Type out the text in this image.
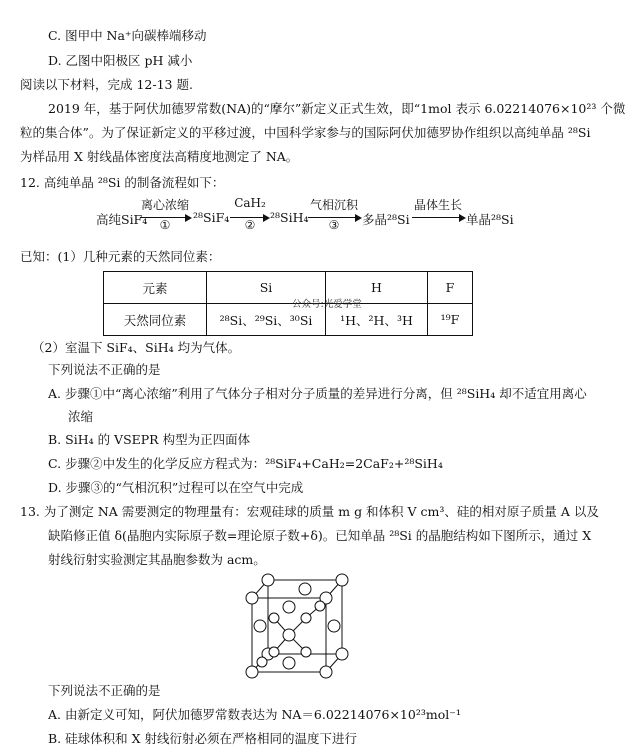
C. 图甲中 Na⁺向碳棒端移动
D. 乙图中阳极区 pH 减小
阅读以下材料，完成 12-13 题.
2019 年，基于阿伏加德罗常数(NA)的“摩尔”新定义正式生效，即“1mol 表示 6.02214076×10²³ 个微
粒的集合体”。为了保证新定义的平移过渡，中国科学家参与的国际阿伏加德罗协作组织以高纯单晶 ²⁸Si
为样品用 X 射线晶体密度法高精度地测定了 NA。
12. 高纯单晶 ²⁸Si 的制备流程如下：
高纯SiF₄
离心浓缩
①	²⁸SiF₄
CaH₂
②	²⁸SiH₄
气相沉积
③	多晶²⁸Si
晶体生长
单晶²⁸Si
已知：(1）几种元素的天然同位素：
元素	Si	H	F
天然同位素	²⁸Si、²⁹Si、³⁰Si	¹H、²H、³H	¹⁹F
公众号:光爱学堂
（2）室温下 SiF₄、SiH₄ 均为气体。
下列说法不正确的是
A. 步骤①中“离心浓缩”利用了气体分子相对分子质量的差异进行分离，但 ²⁸SiH₄ 却不适宜用离心
浓缩
B. SiH₄ 的 VSEPR 构型为正四面体
C. 步骤②中发生的化学反应方程式为：²⁸SiF₄+CaH₂=2CaF₂+²⁸SiH₄
D. 步骤③的“气相沉积”过程可以在空气中完成
13. 为了测定 NA 需要测定的物理量有：宏观硅球的质量 m g 和体积 V cm³、硅的相对原子质量 A 以及
缺陷修正值 δ(晶胞内实际原子数=理论原子数+δ)。已知单晶 ²⁸Si 的晶胞结构如下图所示，通过 X
射线衍射实验测定其晶胞参数为 acm。
下列说法不正确的是
A. 由新定义可知，阿伏加德罗常数表达为 NA＝6.02214076×10²³mol⁻¹
B. 硅球体积和 X 射线衍射必须在严格相同的温度下进行
